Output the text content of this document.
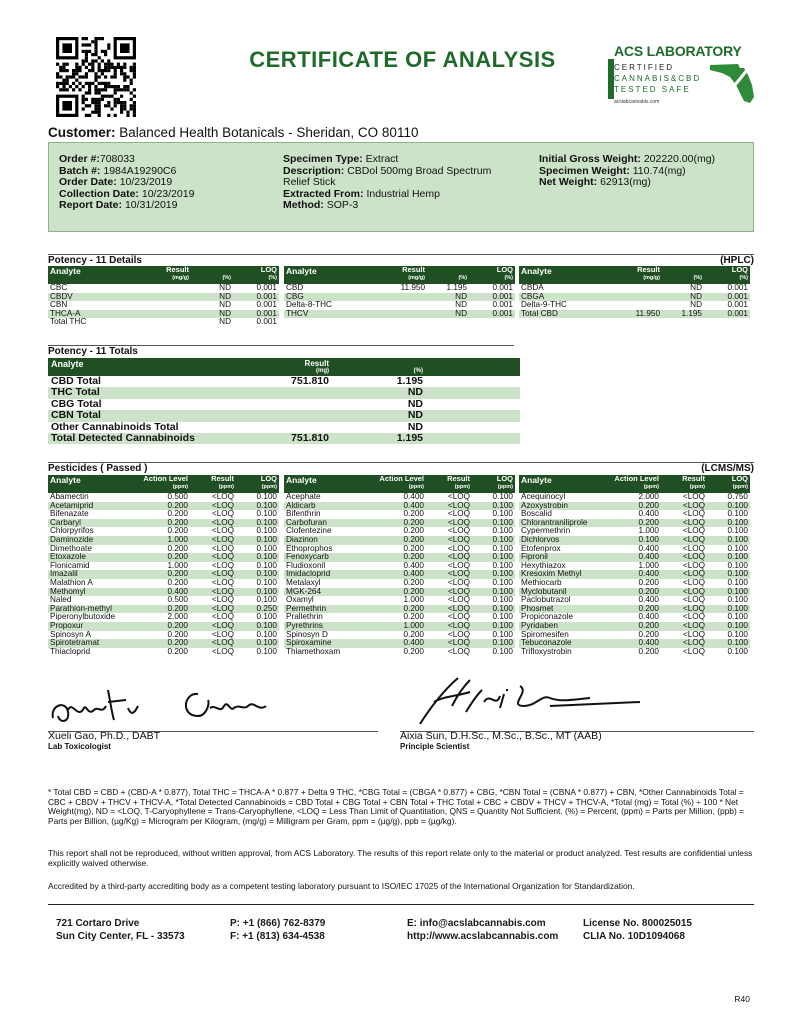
CERTIFICATE OF ANALYSIS	ACS LABORATORY
CERTIFIED
CANNABIS&CBD
TESTED SAFE
acslabcannabis.com
Customer: Balanced Health Botanicals - Sheridan, CO 80110
Order #:708033
Batch #: 1984A19290C6
Order Date: 10/23/2019
Collection Date: 10/23/2019
Report Date: 10/31/2019
Specimen Type: Extract
Description: CBDol 500mg Broad Spectrum
Relief Stick
Extracted From: Industrial Hemp
Method: SOP-3
Initial Gross Weight: 202220.00(mg)
Specimen Weight: 110.74(mg)
Net Weight: 62913(mg)
Potency - 11 Details	(HPLC)
Analyte	Result
(mg/g)	(%)	LOQ
(%)

CBC		ND	0.001
CBDV		ND	0.001
CBN		ND	0.001
THCA-A		ND	0.001
Total THC		ND	0.001
Analyte	Result
(mg/g)	(%)	LOQ
(%)

CBD	11.950	1.195	0.001
CBG		ND	0.001
Delta-8-THC		ND	0.001
THCV		ND	0.001
Analyte	Result
(mg/g)	(%)	LOQ
(%)

CBDA		ND	0.001
CBGA		ND	0.001
Delta-9-THC		ND	0.001
Total CBD	11.950	1.195	0.001
Potency - 11 Totals
Analyte	Result
(mg)	(%)	

CBD Total	751.810	1.195	
THC Total		ND	
CBG Total		ND	
CBN Total		ND	
Other Cannabinoids Total		ND	
Total Detected Cannabinoids	751.810	1.195	
Pesticides ( Passed )	(LCMS/MS)
Analyte	Action Level
(ppm)	Result
(ppm)	LOQ
(ppm)

Abamectin	0.500	<LOQ	0.100
Acetamiprid	0.200	<LOQ	0.100
Bifenazate	0.200	<LOQ	0.100
Carbaryl	0.200	<LOQ	0.100
Chlorpyrifos	0.200	<LOQ	0.100
Daminozide	1.000	<LOQ	0.100
Dimethoate	0.200	<LOQ	0.100
Etoxazole	0.200	<LOQ	0.100
Flonicamid	1.000	<LOQ	0.100
Imazalil	0.200	<LOQ	0.100
Malathion A	0.200	<LOQ	0.100
Methomyl	0.400	<LOQ	0.100
Naled	0.500	<LOQ	0.100
Parathion-methyl	0.200	<LOQ	0.250
Piperonylbutoxide	2.000	<LOQ	0.100
Propoxur	0.200	<LOQ	0.100
Spinosyn A	0.200	<LOQ	0.100
Spirotetramat	0.200	<LOQ	0.100
Thiacloprid	0.200	<LOQ	0.100
Analyte	Action Level
(ppm)	Result
(ppm)	LOQ
(ppm)

Acephate	0.400	<LOQ	0.100
Aldicarb	0.400	<LOQ	0.100
Bifenthrin	0.200	<LOQ	0.100
Carbofuran	0.200	<LOQ	0.100
Clofentezine	0.200	<LOQ	0.100
Diazinon	0.200	<LOQ	0.100
Ethoprophos	0.200	<LOQ	0.100
Fenoxycarb	0.200	<LOQ	0.100
Fludioxonil	0.400	<LOQ	0.100
Imidacloprid	0.400	<LOQ	0.100
Metalaxyl	0.200	<LOQ	0.100
MGK-264	0.200	<LOQ	0.100
Oxamyl	1.000	<LOQ	0.100
Permethrin	0.200	<LOQ	0.100
Prallethrin	0.200	<LOQ	0.100
Pyrethrins	1.000	<LOQ	0.100
Spinosyn D	0.200	<LOQ	0.100
Spiroxamine	0.400	<LOQ	0.100
Thiamethoxam	0.200	<LOQ	0.100
Analyte	Action Level
(ppm)	Result
(ppm)	LOQ
(ppm)

Acequinocyl	2.000	<LOQ	0.750
Azoxystrobin	0.200	<LOQ	0.100
Boscalid	0.400	<LOQ	0.100
Chlorantraniliprole	0.200	<LOQ	0.100
Cypermethrin	1.000	<LOQ	0.100
Dichlorvos	0.100	<LOQ	0.100
Etofenprox	0.400	<LOQ	0.100
Fipronil	0.400	<LOQ	0.100
Hexythiazox	1.000	<LOQ	0.100
Kresoxim Methyl	0.400	<LOQ	0.100
Methiocarb	0.200	<LOQ	0.100
Myclobutanil	0.200	<LOQ	0.100
Paclobutrazol	0.400	<LOQ	0.100
Phosmet	0.200	<LOQ	0.100
Propiconazole	0.400	<LOQ	0.100
Pyridaben	0.200	<LOQ	0.100
Spiromesifen	0.200	<LOQ	0.100
Tebuconazole	0.400	<LOQ	0.100
Trifloxystrobin	0.200	<LOQ	0.100
Xueli Gao, Ph.D., DABT
Lab Toxicologist
Aixia Sun, D.H.Sc., M.Sc., B.Sc., MT (AAB)
Principle Scientist
* Total CBD = CBD + (CBD-A * 0.877), Total THC = THCA-A * 0.877 + Delta 9 THC, *CBG Total = (CBGA * 0.877) + CBG, *CBN Total = (CBNA * 0.877) + CBN, *Other Cannabinoids Total = CBC + CBDV + THCV + THCV-A, *Total Detected Cannabinoids = CBD Total + CBG Total + CBN Total + THC Total + CBC + CBDV + THCV + THCV-A, *Total (mg) = Total (%) ÷ 100 * Net Weight(mg), ND = <LOQ, T-Caryophyllene = Trans-Caryophyllene, <LOQ = Less Than Limit of Quantitation, QNS = Quantity Not Sufficient. (%) = Percent, (ppm) = Parts per Million, (ppb) = Parts per Billion, (µg/Kg) = Microgram per Kilogram, (mg/g) = Milligram per Gram, ppm = (µg/g), ppb = (µg/kg).
This report shall not be reproduced, without written approval, from ACS Laboratory. The results of this report relate only to the material or product analyzed. Test results are confidential unless explicitly waived otherwise.
Accredited by a third-party accrediting body as a competent testing laboratory pursuant to ISO/IEC 17025 of the International Organization for Standardization.
721 Cortaro Drive
Sun City Center, FL - 33573
P: +1 (866) 762-8379
F: +1 (813) 634-4538
E: info@acslabcannabis.com
http://www.acslabcannabis.com
License No. 800025015
CLIA No. 10D1094068
R40
